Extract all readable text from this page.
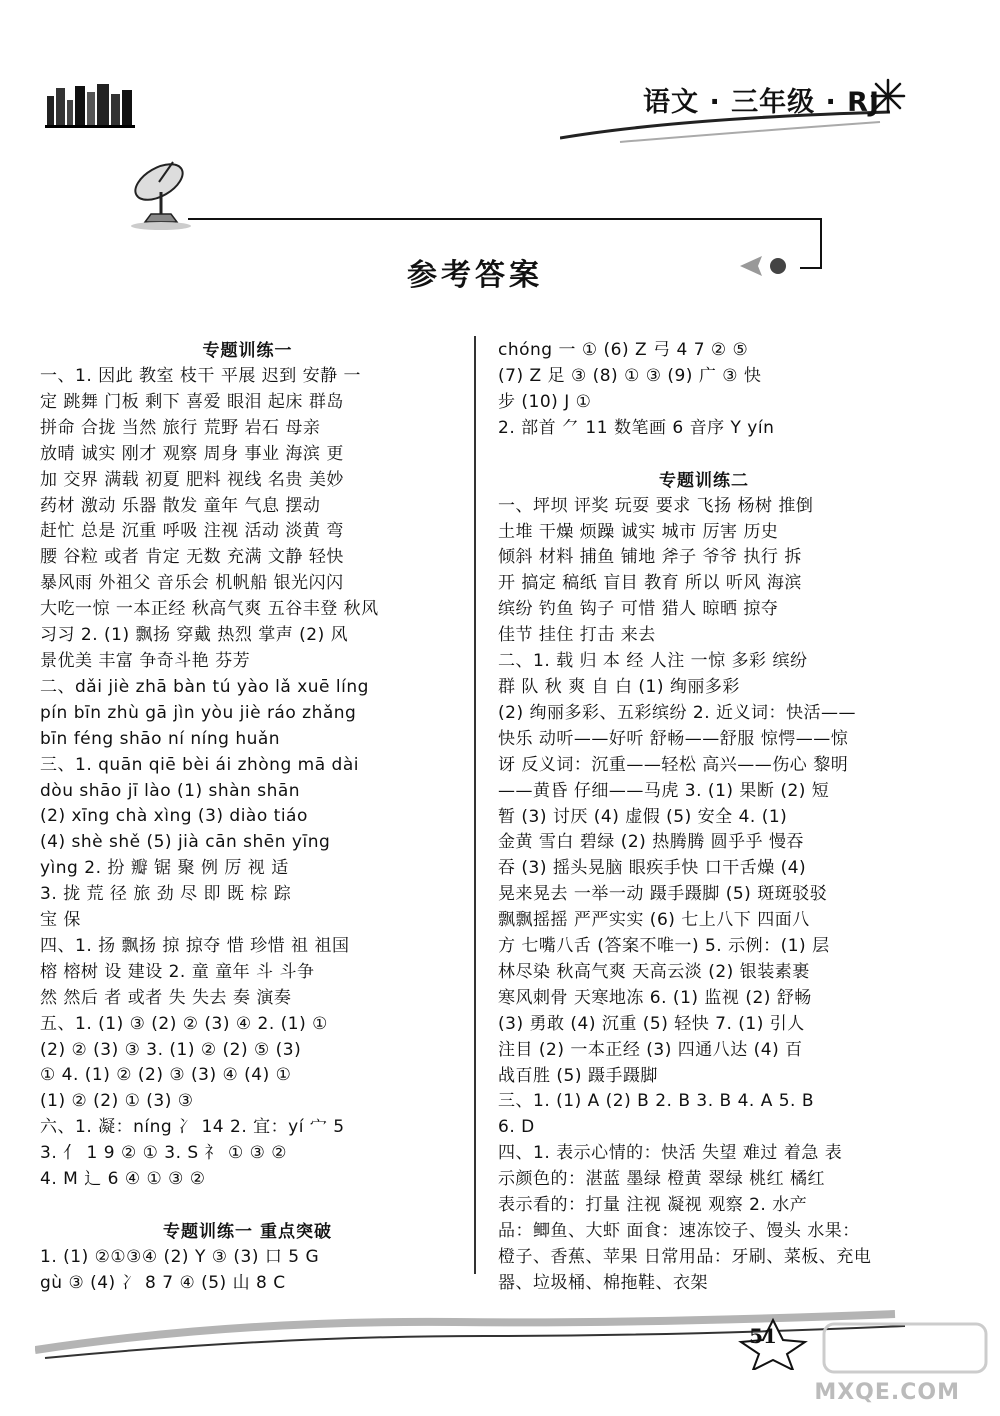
语文 · 三年级 · RJ
参考答案
专题训练一

一、1. 因此 教室 枝干 平展 迟到 安静 一

定 跳舞 门板 剩下 喜爱 眼泪 起床 群岛

拼命 合拢 当然 旅行 荒野 岩石 母亲

放晴 诚实 刚才 观察 周身 事业 海滨 更

加 交界 满载 初夏 肥料 视线 名贵 美妙

药材 激动 乐器 散发 童年 气息 摆动

赶忙 总是 沉重 呼吸 注视 活动 淡黄 弯

腰 谷粒 或者 肯定 无数 充满 文静 轻快

暴风雨 外祖父 音乐会 机帆船 银光闪闪

大吃一惊 一本正经 秋高气爽 五谷丰登 秋风

习习 2. (1) 飘扬 穿戴 热烈 掌声 (2) 风

景优美 丰富 争奇斗艳 芬芳

二、dǎi jiè zhā bàn tú yào lǎ xuē líng

pín bīn zhù gā jìn yòu jiè ráo zhǎng

bīn féng shāo ní níng huǎn

三、1. quān qiē bèi ái zhòng mā dài

dòu shāo jī lào (1) shàn shān

(2) xīng chà xìng (3) diào tiáo

(4) shè shě (5) jià cān shēn yīng

yìng 2. 扮 瓣 锯 聚 例 厉 视 适

3. 拢 荒 径 旅 劲 尽 即 既 棕 踪

宝 保

四、1. 扬 飘扬 掠 掠夺 惜 珍惜 祖 祖国

榕 榕树 设 建设 2. 童 童年 斗 斗争

然 然后 者 或者 失 失去 奏 演奏

五、1. (1) ③ (2) ② (3) ④ 2. (1) ①

(2) ② (3) ③ 3. (1) ② (2) ⑤ (3)

① 4. (1) ② (2) ③ (3) ④ (4) ①

(1) ② (2) ① (3) ③

六、1. 凝：níng 冫 14 2. 宜：yí 宀 5

3. 亻 1 9 ② ① 3. S 礻 ① ③ ②

4. M 辶 6 ④ ① ③ ②

专题训练一 重点突破

1. (1) ②①③④ (2) Y ③ (3) 口 5 G

gù ③ (4) 冫 8 7 ④ (5) 山 8 C

chóng 一 ① (6) Z 弓 4 7 ② ⑤

(7) Z 足 ③ (8) ① ③ (9) 广 ③ 快

步 (10) J ①

2. 部首 ⺈ 11 数笔画 6 音序 Y yín

专题训练二

一、坪坝 评奖 玩耍 要求 飞扬 杨树 推倒

土堆 干燥 烦躁 诚实 城市 厉害 历史

倾斜 材料 捕鱼 铺地 斧子 爷爷 执行 拆

开 搞定 稿纸 盲目 教育 所以 听风 海滨

缤纷 钓鱼 钩子 可惜 猎人 晾晒 掠夺

佳节 挂住 打击 来去

二、1. 载 归 本 经 人注 一惊 多彩 缤纷

群 队 秋 爽 自 白 (1) 绚丽多彩

(2) 绚丽多彩、五彩缤纷 2. 近义词：快活——

快乐 动听——好听 舒畅——舒服 惊愕——惊

讶 反义词：沉重——轻松 高兴——伤心 黎明

——黄昏 仔细——马虎 3. (1) 果断 (2) 短

暂 (3) 讨厌 (4) 虚假 (5) 安全 4. (1)

金黄 雪白 碧绿 (2) 热腾腾 圆乎乎 慢吞

吞 (3) 摇头晃脑 眼疾手快 口干舌燥 (4)

晃来晃去 一举一动 蹑手蹑脚 (5) 斑斑驳驳

飘飘摇摇 严严实实 (6) 七上八下 四面八

方 七嘴八舌 (答案不唯一) 5. 示例：(1) 层

林尽染 秋高气爽 天高云淡 (2) 银装素裹

寒风刺骨 天寒地冻 6. (1) 监视 (2) 舒畅

(3) 勇敢 (4) 沉重 (5) 轻快 7. (1) 引人

注目 (2) 一本正经 (3) 四通八达 (4) 百

战百胜 (5) 蹑手蹑脚

三、1. (1) A (2) B 2. B 3. B 4. A 5. B

6. D

四、1. 表示心情的：快活 失望 难过 着急 表

示颜色的：湛蓝 墨绿 橙黄 翠绿 桃红 橘红

表示看的：打量 注视 凝视 观察 2. 水产

品：鲫鱼、大虾 面食：速冻饺子、馒头 水果：

橙子、香蕉、苹果 日常用品：牙刷、菜板、充电

器、垃圾桶、棉拖鞋、衣架

51
MXQE.COM
